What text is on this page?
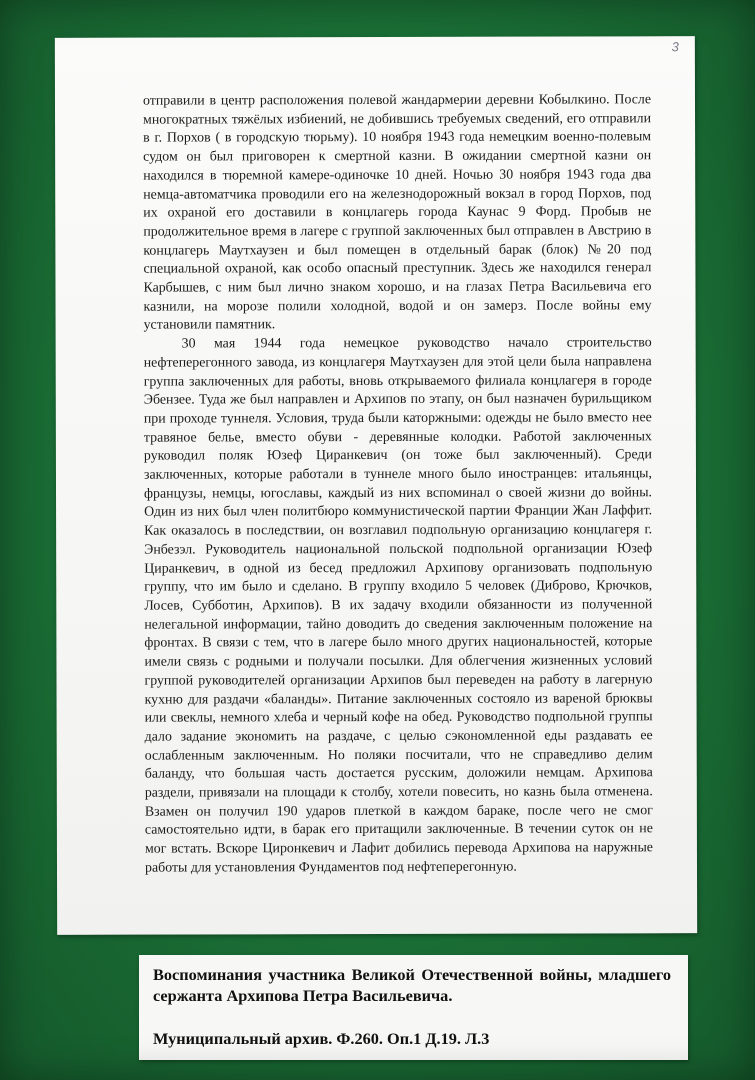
3

отправили в центр расположения полевой жандармерии деревни Кобылкино. После многократных тяжёлых избиений, не добившись требуемых сведений, его отправили в г. Порхов ( в городскую тюрьму). 10 ноября 1943 года немецким военно-полевым судом он был приговорен к смертной казни. В ожидании смертной казни он находился в тюремной камере-одиночке 10 дней. Ночью 30 ноября 1943 года два немца-автоматчика проводили его на железнодорожный вокзал в город Порхов, под их охраной его доставили в концлагерь города Каунас 9 Форд. Пробыв не продолжительное время в лагере с группой заключенных был отправлен в Австрию в концлагерь Маутхаузен и был помещен в отдельный барак (блок) №20 под специальной охраной, как особо опасный преступник. Здесь же находился генерал Карбышев, с ним был лично знаком хорошо, и на глазах Петра Васильевича его казнили, на морозе полили холодной, водой и он замерз. После войны ему установили памятник.

30 мая 1944 года немецкое руководство начало строительство нефтеперегонного завода, из концлагеря Маутхаузен для этой цели была направлена группа заключенных для работы, вновь открываемого филиала концлагеря в городе Эбензее. Туда же был направлен и Архипов по этапу, он был назначен бурильщиком при проходе туннеля. Условия, труда были каторжными: одежды не было вместо нее травяное белье, вместо обуви - деревянные колодки. Работой заключенных руководил поляк Юзеф Циранкевич (он тоже был заключенный). Среди заключенных, которые работали в туннеле много было иностранцев: итальянцы, французы, немцы, югославы, каждый из них вспоминал о своей жизни до войны. Один из них был член политбюро коммунистической партии Франции Жан Лаффит. Как оказалось в последствии, он возглавил подпольную организацию концлагеря г. Энбезэл. Руководитель национальной польской подпольной организации Юзеф Циранкевич, в одной из бесед предложил Архипову организовать подпольную группу, что им было и сделано. В группу входило 5 человек (Диброво, Крючков, Лосев, Субботин, Архипов). В их задачу входили обязанности из полученной нелегальной информации, тайно доводить до сведения заключенным положение на фронтах. В связи с тем, что в лагере было много других национальностей, которые имели связь с родными и получали посылки. Для облегчения жизненных условий группой руководителей организации Архипов был переведен на работу в лагерную кухню для раздачи «баланды». Питание заключенных состояло из вареной брюквы или свеклы, немного хлеба и черный кофе на обед. Руководство подпольной группы дало задание экономить на раздаче, с целью сэкономленной еды раздавать ее ослабленным заключенным. Но поляки посчитали, что не справедливо делим баланду, что большая часть достается русским, доложили немцам. Архипова раздели, привязали на площади к столбу, хотели повесить, но казнь была отменена. Взамен он получил 190 ударов плеткой в каждом бараке, после чего не смог самостоятельно идти, в барак его притащили заключенные. В течении суток он не мог встать. Вскоре Цирoнкевич и Лафит добились перевода Архипова на наружные работы для установления Фундаментов под нефтеперегонную.

Воспоминания участника Великой Отечественной войны, младшего сержанта Архипова Петра Васильевича.
Муниципальный архив. Ф.260. Оп.1 Д.19. Л.3
